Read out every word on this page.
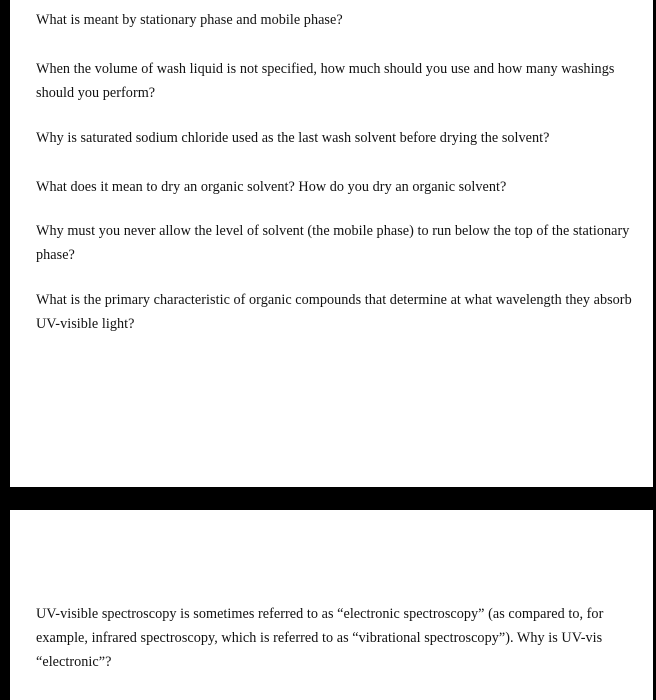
What is meant by stationary phase and mobile phase?

When the volume of wash liquid is not specified, how much should you use and how many washings should you perform?

Why is saturated sodium chloride used as the last wash solvent before drying the solvent?

What does it mean to dry an organic solvent? How do you dry an organic solvent?

Why must you never allow the level of solvent (the mobile phase) to run below the top of the stationary phase?

What is the primary characteristic of organic compounds that determine at what wavelength they absorb UV-visible light?

UV-visible spectroscopy is sometimes referred to as “electronic spectroscopy” (as compared to, for example, infrared spectroscopy, which is referred to as “vibrational spectroscopy”). Why is UV-vis “electronic”?
